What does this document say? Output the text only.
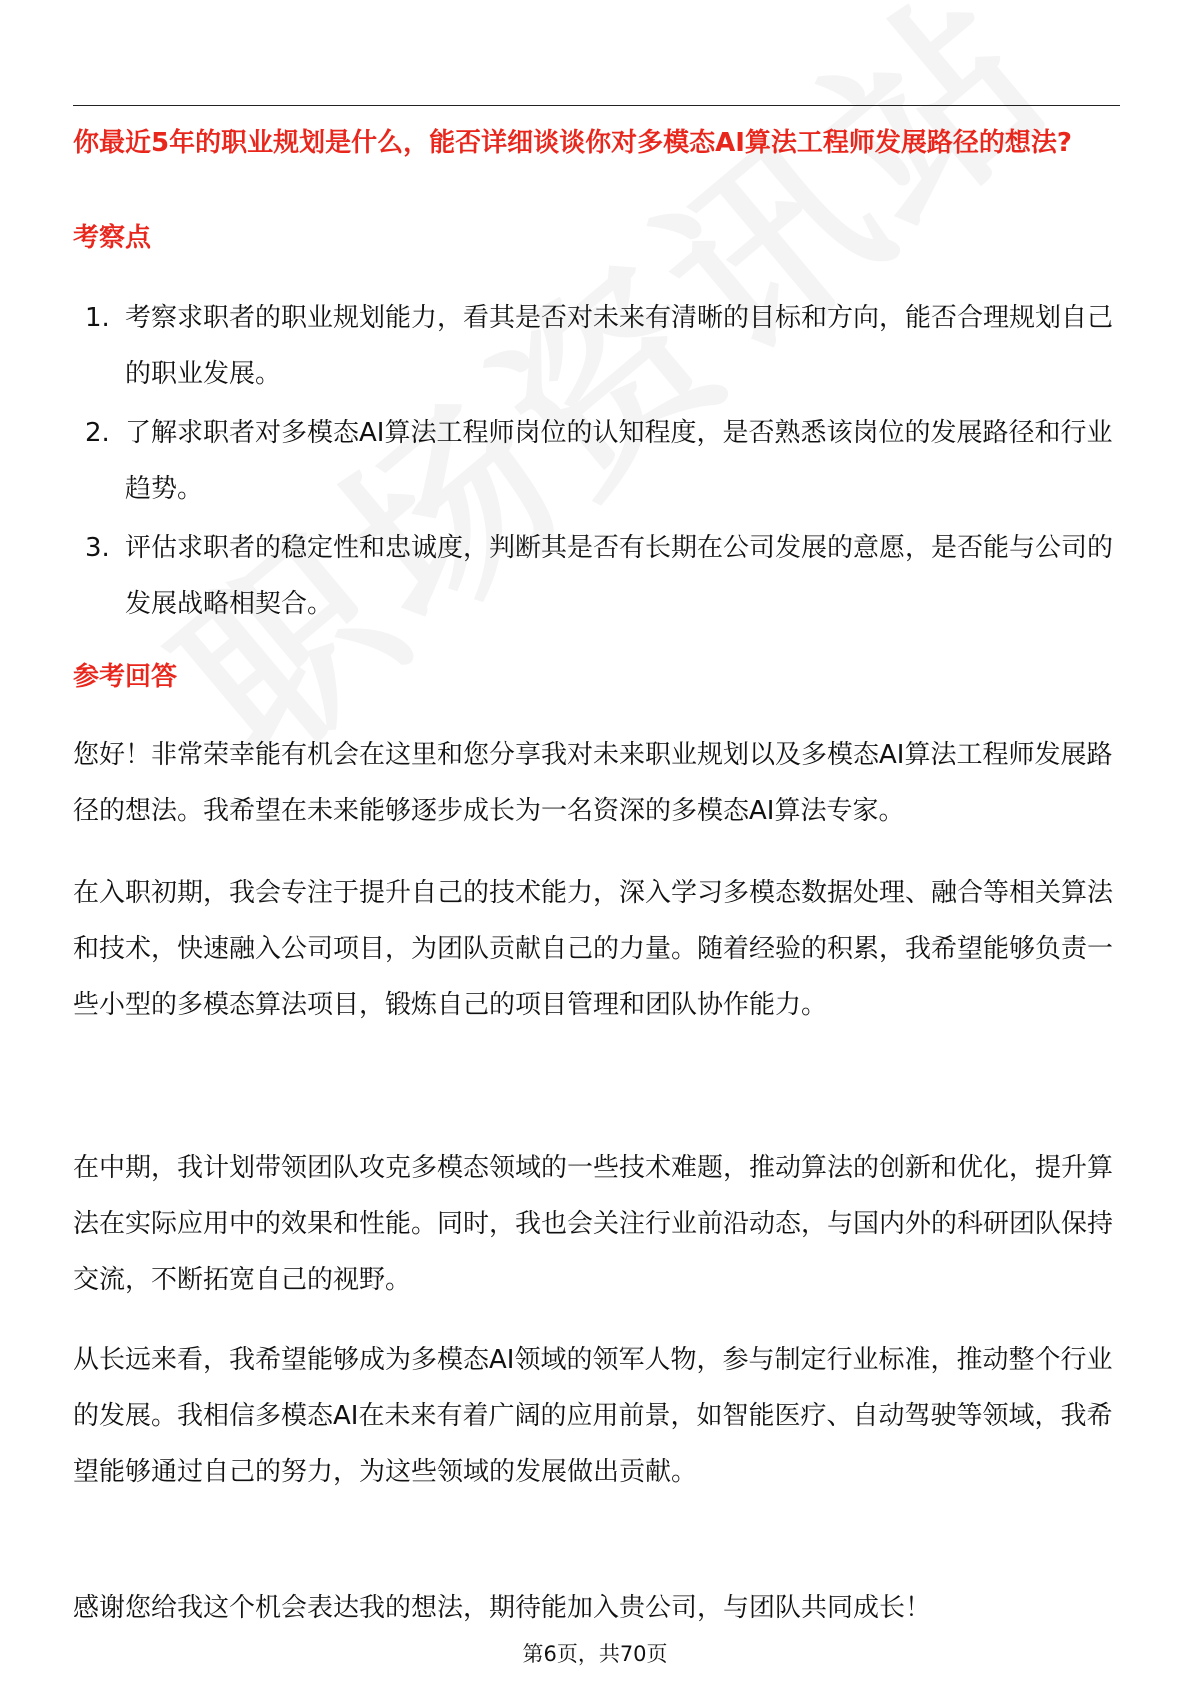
你最近5年的职业规划是什么，能否详细谈谈你对多模态AI算法工程师发展路径的想法?
考察点
1. 考察求职者的职业规划能力，看其是否对未来有清晰的目标和方向，能否合理规划自己的职业发展。
2. 了解求职者对多模态AI算法工程师岗位的认知程度，是否熟悉该岗位的发展路径和行业趋势。
3. 评估求职者的稳定性和忠诚度，判断其是否有长期在公司发展的意愿，是否能与公司的发展战略相契合。
参考回答

您好！非常荣幸能有机会在这里和您分享我对未来职业规划以及多模态AI算法工程师发展路径的想法。我希望在未来能够逐步成长为一名资深的多模态AI算法专家。

在入职初期，我会专注于提升自己的技术能力，深入学习多模态数据处理、融合等相关算法和技术，快速融入公司项目，为团队贡献自己的力量。随着经验的积累，我希望能够负责一些小型的多模态算法项目，锻炼自己的项目管理和团队协作能力。

在中期，我计划带领团队攻克多模态领域的一些技术难题，推动算法的创新和优化，提升算法在实际应用中的效果和性能。同时，我也会关注行业前沿动态，与国内外的科研团队保持交流，不断拓宽自己的视野。

从长远来看，我希望能够成为多模态AI领域的领军人物，参与制定行业标准，推动整个行业的发展。我相信多模态AI在未来有着广阔的应用前景，如智能医疗、自动驾驶等领域，我希望能够通过自己的努力，为这些领域的发展做出贡献。

感谢您给我这个机会表达我的想法，期待能加入贵公司，与团队共同成长！

第6页，共70页
